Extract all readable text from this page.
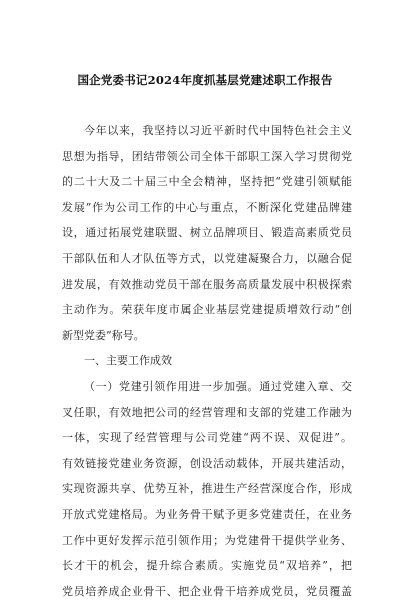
国企党委书记2024年度抓基层党建述职工作报告
今年以来，我坚持以习近平新时代中国特色社会主义
思想为指导，团结带领公司全体干部职工深入学习贯彻党
的二十大及二十届三中全会精神，坚持把“党建引领赋能
发展”作为公司工作的中心与重点，不断深化党建品牌建
设，通过拓展党建联盟、树立品牌项目、锻造高素质党员
干部队伍和人才队伍等方式，以党建凝聚合力，以融合促
进发展，有效推动党员干部在服务高质量发展中积极探索
主动作为。荣获年度市属企业基层党建提质增效行动“创
新型党委”称号。
一、主要工作成效
（一）党建引领作用进一步加强。通过党建入章、交
叉任职，有效地把公司的经营管理和支部的党建工作融为
一体，实现了经营管理与公司党建“两不误、双促进”。
有效链接党建业务资源，创设活动载体，开展共建活动，
实现资源共享、优势互补，推进生产经营深度合作，形成
开放式党建格局。为业务骨干赋予更多党建责任，在业务
工作中更好发挥示范引领作用；为党建骨干提供学业务、
长才干的机会，提升综合素质。实施党员“双培养”，把
党员培养成企业骨干、把企业骨干培养成党员，党员覆盖
